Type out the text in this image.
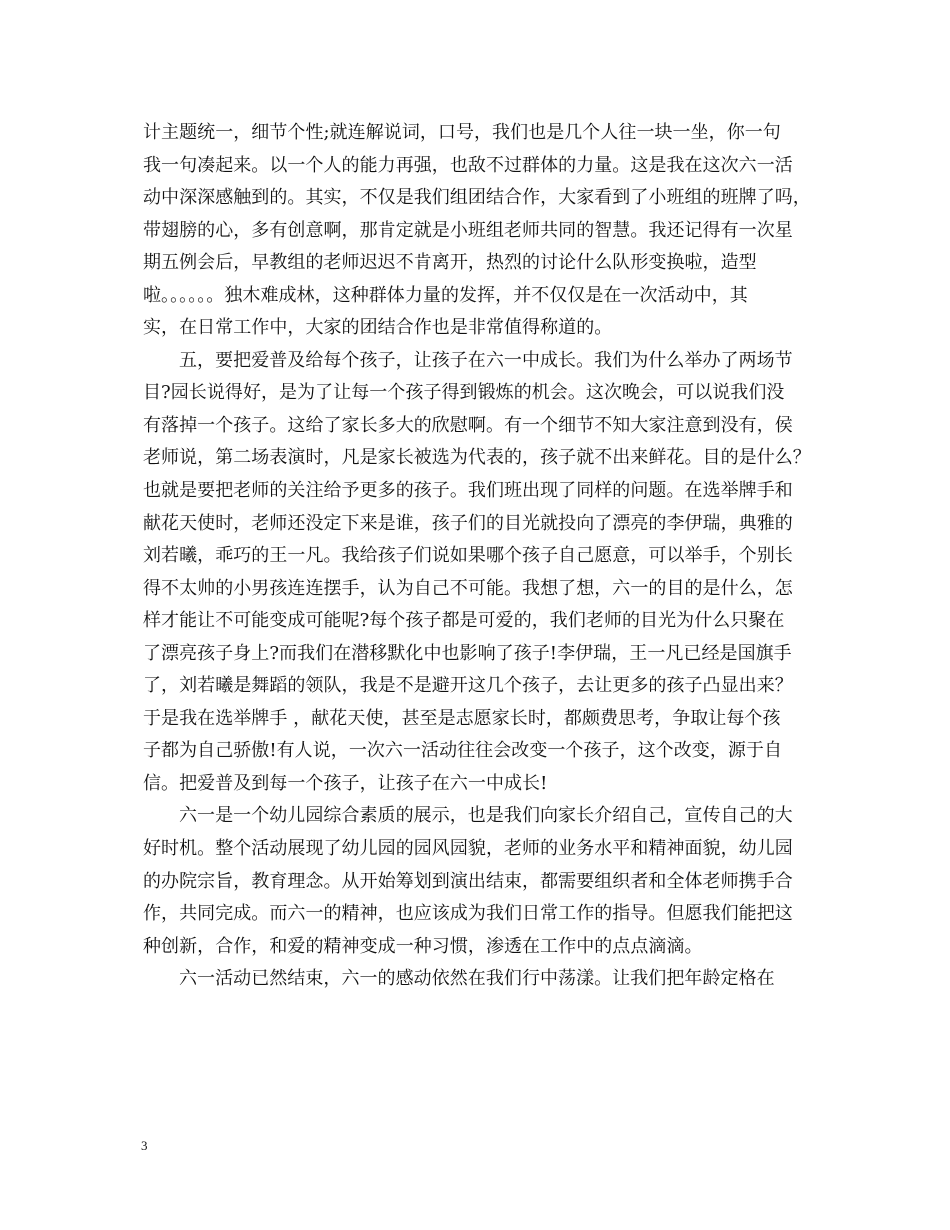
计主题统一，细节个性;就连解说词，口号，我们也是几个人往一块一坐，你一句
我一句凑起来。以一个人的能力再强，也敌不过群体的力量。这是我在这次六一活
动中深深感触到的。其实，不仅是我们组团结合作，大家看到了小班组的班牌了吗，
带翅膀的心，多有创意啊，那肯定就是小班组老师共同的智慧。我还记得有一次星
期五例会后，早教组的老师迟迟不肯离开，热烈的讨论什么队形变换啦，造型
啦。。。。。。独木难成林，这种群体力量的发挥，并不仅仅是在一次活动中，其
实，在日常工作中，大家的团结合作也是非常值得称道的。
五，要把爱普及给每个孩子，让孩子在六一中成长。我们为什么举办了两场节
目?园长说得好，是为了让每一个孩子得到锻炼的机会。这次晚会，可以说我们没
有落掉一个孩子。这给了家长多大的欣慰啊。有一个细节不知大家注意到没有，侯
老师说，第二场表演时，凡是家长被选为代表的，孩子就不出来鲜花。目的是什么？
也就是要把老师的关注给予更多的孩子。我们班出现了同样的问题。在选举牌手和
献花天使时，老师还没定下来是谁，孩子们的目光就投向了漂亮的李伊瑞，典雅的
刘若曦，乖巧的王一凡。我给孩子们说如果哪个孩子自己愿意，可以举手，个别长
得不太帅的小男孩连连摆手，认为自己不可能。我想了想，六一的目的是什么，怎
样才能让不可能变成可能呢?每个孩子都是可爱的，我们老师的目光为什么只聚在
了漂亮孩子身上?而我们在潜移默化中也影响了孩子!李伊瑞，王一凡已经是国旗手
了，刘若曦是舞蹈的领队，我是不是避开这几个孩子，去让更多的孩子凸显出来？
于是我在选举牌手 ，献花天使，甚至是志愿家长时，都颇费思考，争取让每个孩
子都为自己骄傲!有人说，一次六一活动往往会改变一个孩子，这个改变，源于自
信。把爱普及到每一个孩子，让孩子在六一中成长!
六一是一个幼儿园综合素质的展示，也是我们向家长介绍自己，宣传自己的大
好时机。整个活动展现了幼儿园的园风园貌，老师的业务水平和精神面貌，幼儿园
的办院宗旨，教育理念。从开始筹划到演出结束，都需要组织者和全体老师携手合
作，共同完成。而六一的精神，也应该成为我们日常工作的指导。但愿我们能把这
种创新，合作，和爱的精神变成一种习惯，渗透在工作中的点点滴滴。
六一活动已然结束，六一的感动依然在我们行中荡漾。让我们把年龄定格在
3
